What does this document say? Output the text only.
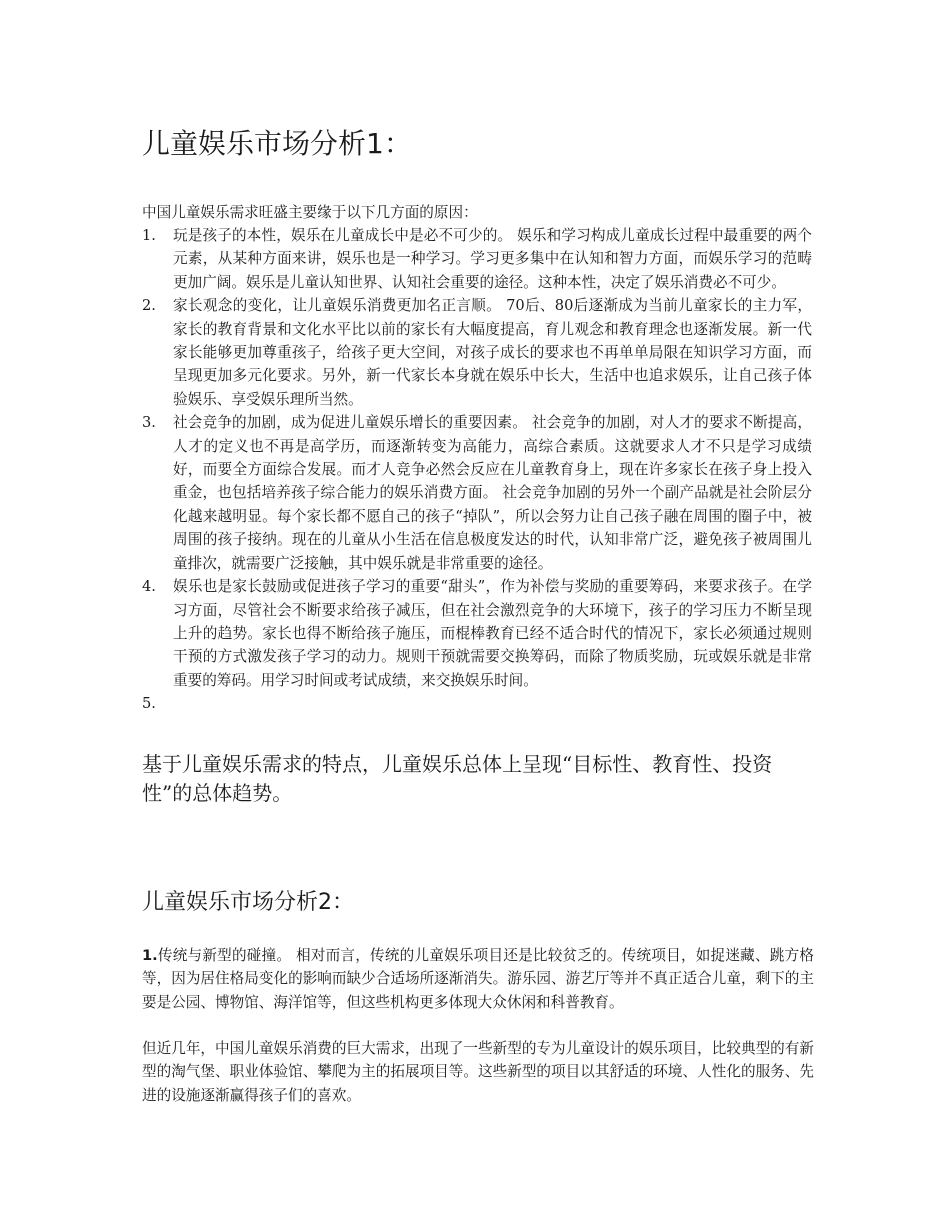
儿童娱乐市场分析1：

中国儿童娱乐需求旺盛主要缘于以下几方面的原因：

1. 玩是孩子的本性，娱乐在儿童成长中是必不可少的。 娱乐和学习构成儿童成长过程中最重要的两个元素，从某种方面来讲，娱乐也是一种学习。学习更多集中在认知和智力方面，而娱乐学习的范畴更加广阔。娱乐是儿童认知世界、认知社会重要的途径。这种本性，决定了娱乐消费必不可少。
2. 家长观念的变化，让儿童娱乐消费更加名正言顺。 70后、80后逐渐成为当前儿童家长的主力军，家长的教育背景和文化水平比以前的家长有大幅度提高，育儿观念和教育理念也逐渐发展。新一代家长能够更加尊重孩子，给孩子更大空间，对孩子成长的要求也不再单单局限在知识学习方面，而呈现更加多元化要求。另外，新一代家长本身就在娱乐中长大，生活中也追求娱乐，让自己孩子体验娱乐、享受娱乐理所当然。
3. 社会竞争的加剧，成为促进儿童娱乐增长的重要因素。 社会竞争的加剧，对人才的要求不断提高，人才的定义也不再是高学历，而逐渐转变为高能力，高综合素质。这就要求人才不只是学习成绩好，而要全方面综合发展。而才人竞争必然会反应在儿童教育身上，现在许多家长在孩子身上投入重金，也包括培养孩子综合能力的娱乐消费方面。 社会竞争加剧的另外一个副产品就是社会阶层分化越来越明显。每个家长都不愿自己的孩子“掉队”，所以会努力让自己孩子融在周围的圈子中，被周围的孩子接纳。现在的儿童从小生活在信息极度发达的时代，认知非常广泛，避免孩子被周围儿童排次，就需要广泛接触，其中娱乐就是非常重要的途径。
4. 娱乐也是家长鼓励或促进孩子学习的重要“甜头”，作为补偿与奖励的重要筹码，来要求孩子。在学习方面，尽管社会不断要求给孩子减压，但在社会激烈竞争的大环境下，孩子的学习压力不断呈现上升的趋势。家长也得不断给孩子施压，而棍棒教育已经不适合时代的情况下，家长必须通过规则干预的方式激发孩子学习的动力。规则干预就需要交换筹码，而除了物质奖励，玩或娱乐就是非常重要的筹码。用学习时间或考试成绩，来交换娱乐时间。
5.

基于儿童娱乐需求的特点，儿童娱乐总体上呈现“目标性、教育性、投资性”的总体趋势。

儿童娱乐市场分析2：

1.传统与新型的碰撞。 相对而言，传统的儿童娱乐项目还是比较贫乏的。传统项目，如捉迷藏、跳方格等，因为居住格局变化的影响而缺少合适场所逐渐消失。游乐园、游艺厅等并不真正适合儿童，剩下的主要是公园、博物馆、海洋馆等，但这些机构更多体现大众休闲和科普教育。

但近几年，中国儿童娱乐消费的巨大需求，出现了一些新型的专为儿童设计的娱乐项目，比较典型的有新型的淘气堡、职业体验馆、攀爬为主的拓展项目等。这些新型的项目以其舒适的环境、人性化的服务、先进的设施逐渐赢得孩子们的喜欢。
